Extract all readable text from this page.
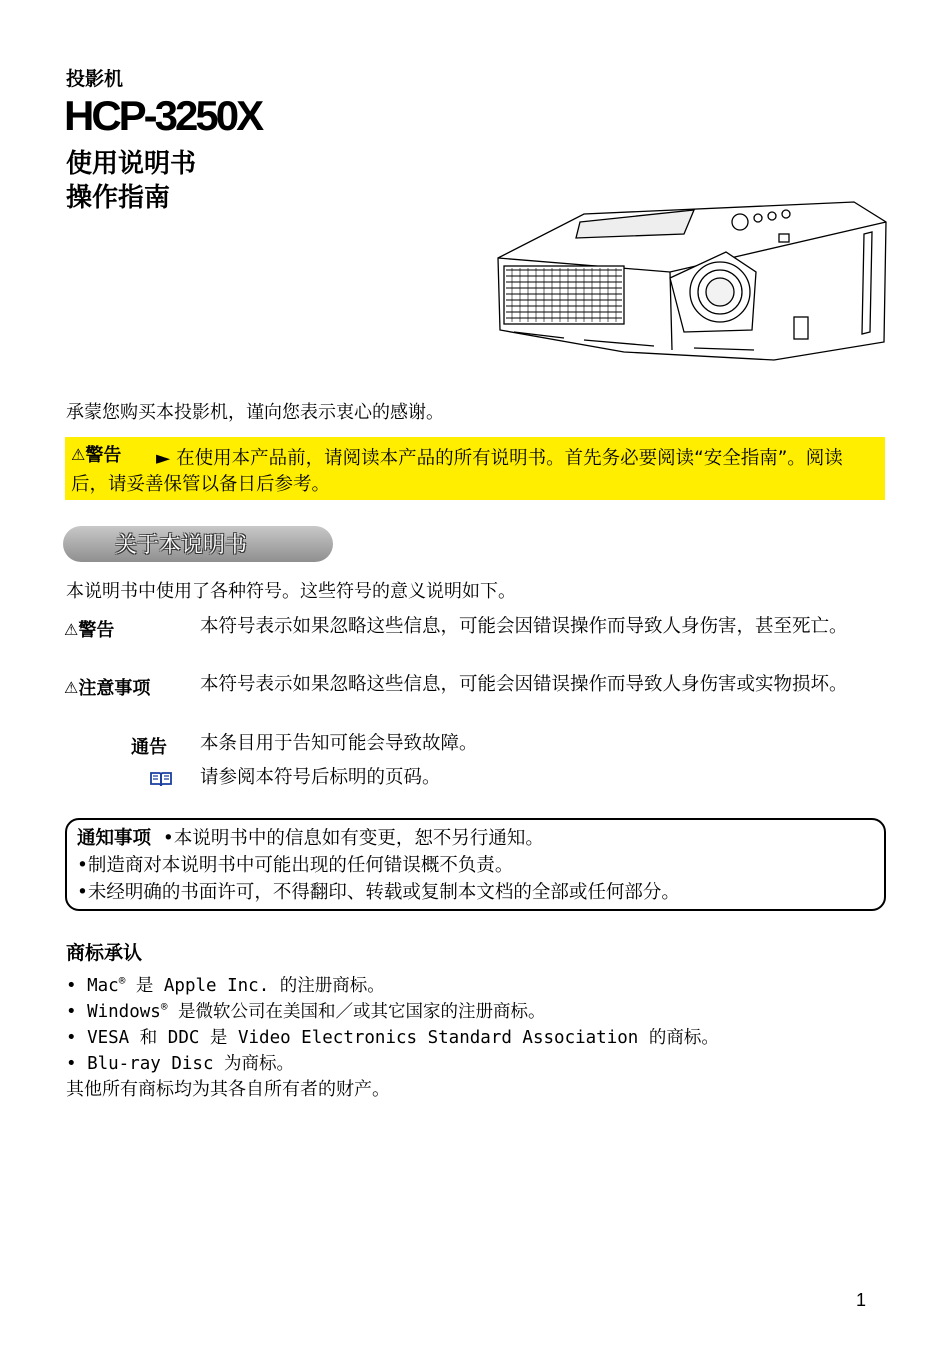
投影机
HCP-3250X
使用说明书
操作指南
承蒙您购买本投影机，谨向您表示衷心的感谢。
⚠警告	► 在使用本产品前，请阅读本产品的所有说明书。首先务必要阅读“安全指南”。阅读后，请妥善保管以备日后参考。
关于本说明书
本说明书中使用了各种符号。这些符号的意义说明如下。
⚠警告	本符号表示如果忽略这些信息，可能会因错误操作而导致人身伤害，甚至死亡。
⚠注意事项	本符号表示如果忽略这些信息，可能会因错误操作而导致人身伤害或实物损坏。
通告 本条目用于告知可能会导致故障。
请参阅本符号后标明的页码。
通知事项 •本说明书中的信息如有变更，恕不另行通知。
•制造商对本说明书中可能出现的任何错误概不负责。
•未经明确的书面许可，不得翻印、转载或复制本文档的全部或任何部分。
商标承认
• Mac® 是 Apple Inc. 的注册商标。
• Windows® 是微软公司在美国和／或其它国家的注册商标。
• VESA 和 DDC 是 Video Electronics Standard Association 的商标。
• Blu-ray Disc 为商标。
其他所有商标均为其各自所有者的财产。
1
